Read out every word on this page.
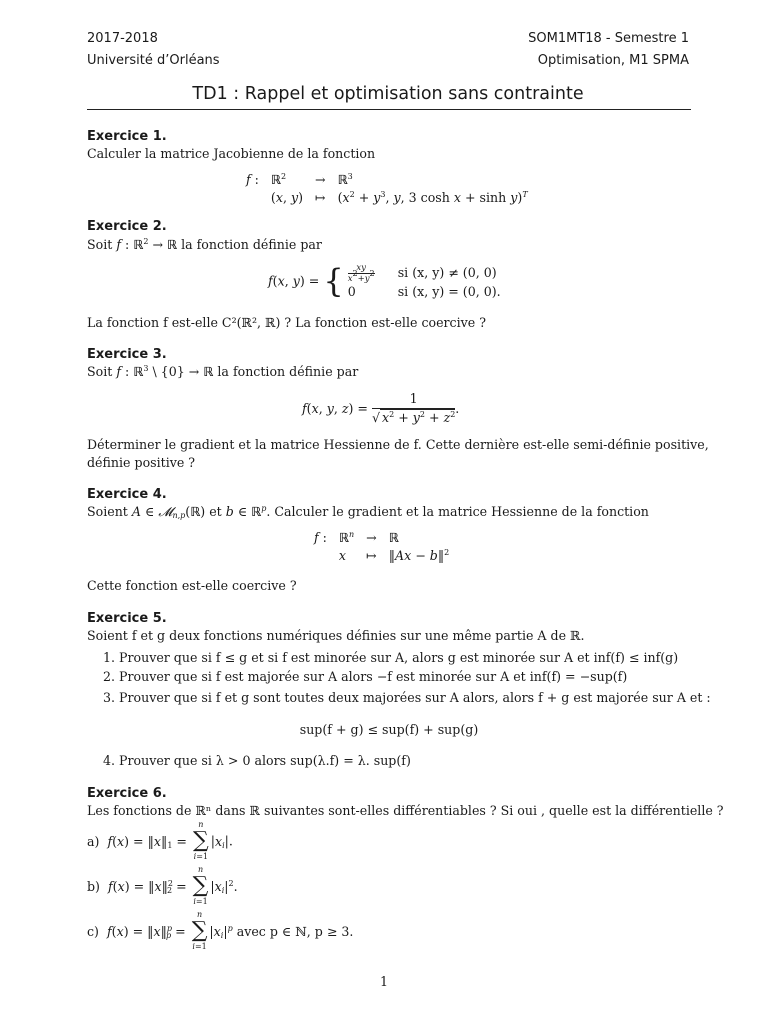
2017-2018	SOM1MT18 - Semestre 1
Université d’Orléans	Optimisation, M1 SPMA
TD1 : Rappel et optimisation sans contrainte
Exercice 1.
Calculer la matrice Jacobienne de la fonction
f :	ℝ$^2$	→	ℝ$^3$
	(x, y)	↦	($x^2 + y^3$, y, 3 cosh x + sinh y)$^T$
Exercice 2.
Soit f : ℝ$^2$ → ℝ la fonction définie par
f(x, y) = { $\frac{xy}{x^2+y^2}$ si (x, y) ≠ (0, 0)
0	si (x, y) = (0, 0).
La fonction f est-elle C²(ℝ², ℝ) ? La fonction est-elle coercive ?
Exercice 3.
Soit f : ℝ$^3$ \ {0} → ℝ la fonction définie par
f(x, y, $z) = \frac{1}{√ x^2 + y^2 + z^2}$ .
Déterminer le gradient et la matrice Hessienne de f. Cette dernière est-elle semi-définie positive,
définie positive ?
Exercice 4.
Soient A ∈ 𝓜$_{n,p}$(ℝ) et b ∈ ℝ$^p$. Calculer le gradient et la matrice Hessienne de la fonction
f :	ℝ$^n$	→	ℝ
	x	↦	‖Ax − b‖$^2$
Cette fonction est-elle coercive ?
Exercice 5.
Soient f et g deux fonctions numériques définies sur une même partie A de ℝ.
1. Prouver que si f ≤ g et si f est minorée sur A, alors g est minorée sur A et inf(f) ≤ inf(g)
2. Prouver que si f est majorée sur A alors −f est minorée sur A et inf(f) = −sup(f)
3. Prouver que si f et g sont toutes deux majorées sur A alors, alors f + g est majorée sur A et :
sup(f + g) ≤ sup(f) + sup(g)
4. Prouver que si λ > 0 alors sup(λ.f) = λ. sup(f)
Exercice 6.
Les fonctions de ℝⁿ dans ℝ suivantes sont-elles différentiables ? Si oui , quelle est la différentielle ?
a) $f(x) = ‖x‖_1$ =
n
∑
i=1
$|x_i|$.
b) f(x) = ‖x‖$^2_2$ =
n
∑
i=1
$|x_i|^2$.
c) f(x) = ‖x‖$^p_p$ =
n
∑
i=1
$|x_i|^p$ avec p ∈ ℕ, p ≥ 3.
1
